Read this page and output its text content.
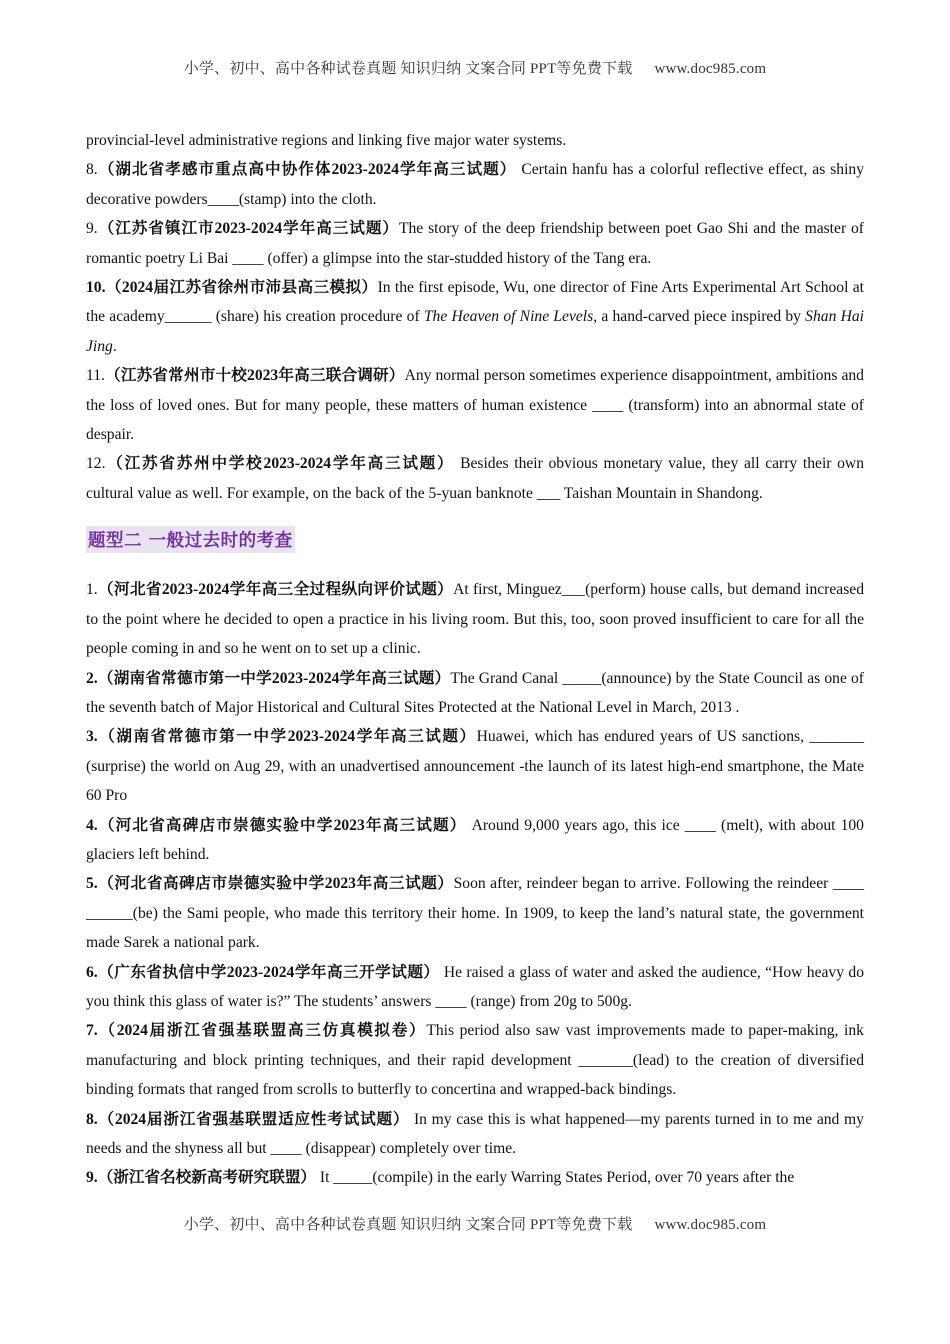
小学、初中、高中各种试卷真题 知识归纳 文案合同 PPT等免费下载 www.doc985.com

provincial-level administrative regions and linking five major water systems.

8.（湖北省孝感市重点高中协作体2023-2024学年高三试题） Certain hanfu has a colorful reflective effect, as shiny decorative powders____(stamp) into the cloth.

9.（江苏省镇江市2023-2024学年高三试题）The story of the deep friendship between poet Gao Shi and the master of romantic poetry Li Bai ____ (offer) a glimpse into the star-studded history of the Tang era.

10.（2024届江苏省徐州市沛县高三模拟）In the first episode, Wu, one director of Fine Arts Experimental Art School at the academy______ (share) his creation procedure of The Heaven of Nine Levels, a hand-carved piece inspired by Shan Hai Jing.

11.（江苏省常州市十校2023年高三联合调研）Any normal person sometimes experience disappointment, ambitions and the loss of loved ones. But for many people, these matters of human existence ____ (transform) into an abnormal state of despair.

12.（江苏省苏州中学校2023-2024学年高三试题） Besides their obvious monetary value, they all carry their own cultural value as well. For example, on the back of the 5-yuan banknote ___ Taishan Mountain in Shandong.

题型二 一般过去时的考查

1.（河北省2023-2024学年高三全过程纵向评价试题）At first, Minguez___(perform) house calls, but demand increased to the point where he decided to open a practice in his living room. But this, too, soon proved insufficient to care for all the people coming in and so he went on to set up a clinic.

2.（湖南省常德市第一中学2023-2024学年高三试题）The Grand Canal _____(announce) by the State Council as one of the seventh batch of Major Historical and Cultural Sites Protected at the National Level in March, 2013 .

3.（湖南省常德市第一中学2023-2024学年高三试题）Huawei, which has endured years of US sanctions, _______ (surprise) the world on Aug 29, with an unadvertised announcement -the launch of its latest high-end smartphone, the Mate 60 Pro

4.（河北省高碑店市崇德实验中学2023年高三试题） Around 9,000 years ago, this ice ____ (melt), with about 100 glaciers left behind.

5.（河北省高碑店市崇德实验中学2023年高三试题）Soon after, reindeer began to arrive. Following the reindeer ____ ______(be) the Sami people, who made this territory their home. In 1909, to keep the land’s natural state, the government made Sarek a national park.

6.（广东省执信中学2023-2024学年高三开学试题） He raised a glass of water and asked the audience, “How heavy do you think this glass of water is?” The students’ answers ____ (range) from 20g to 500g.

7.（2024届浙江省强基联盟高三仿真模拟卷）This period also saw vast improvements made to paper-making, ink manufacturing and block printing techniques, and their rapid development _______(lead) to the creation of diversified binding formats that ranged from scrolls to butterfly to concertina and wrapped-back bindings.

8.（2024届浙江省强基联盟适应性考试试题） In my case this is what happened—my parents turned in to me and my needs and the shyness all but ____ (disappear) completely over time.

9.（浙江省名校新高考研究联盟） It _____(compile) in the early Warring States Period, over 70 years after the

小学、初中、高中各种试卷真题 知识归纳 文案合同 PPT等免费下载 www.doc985.com
